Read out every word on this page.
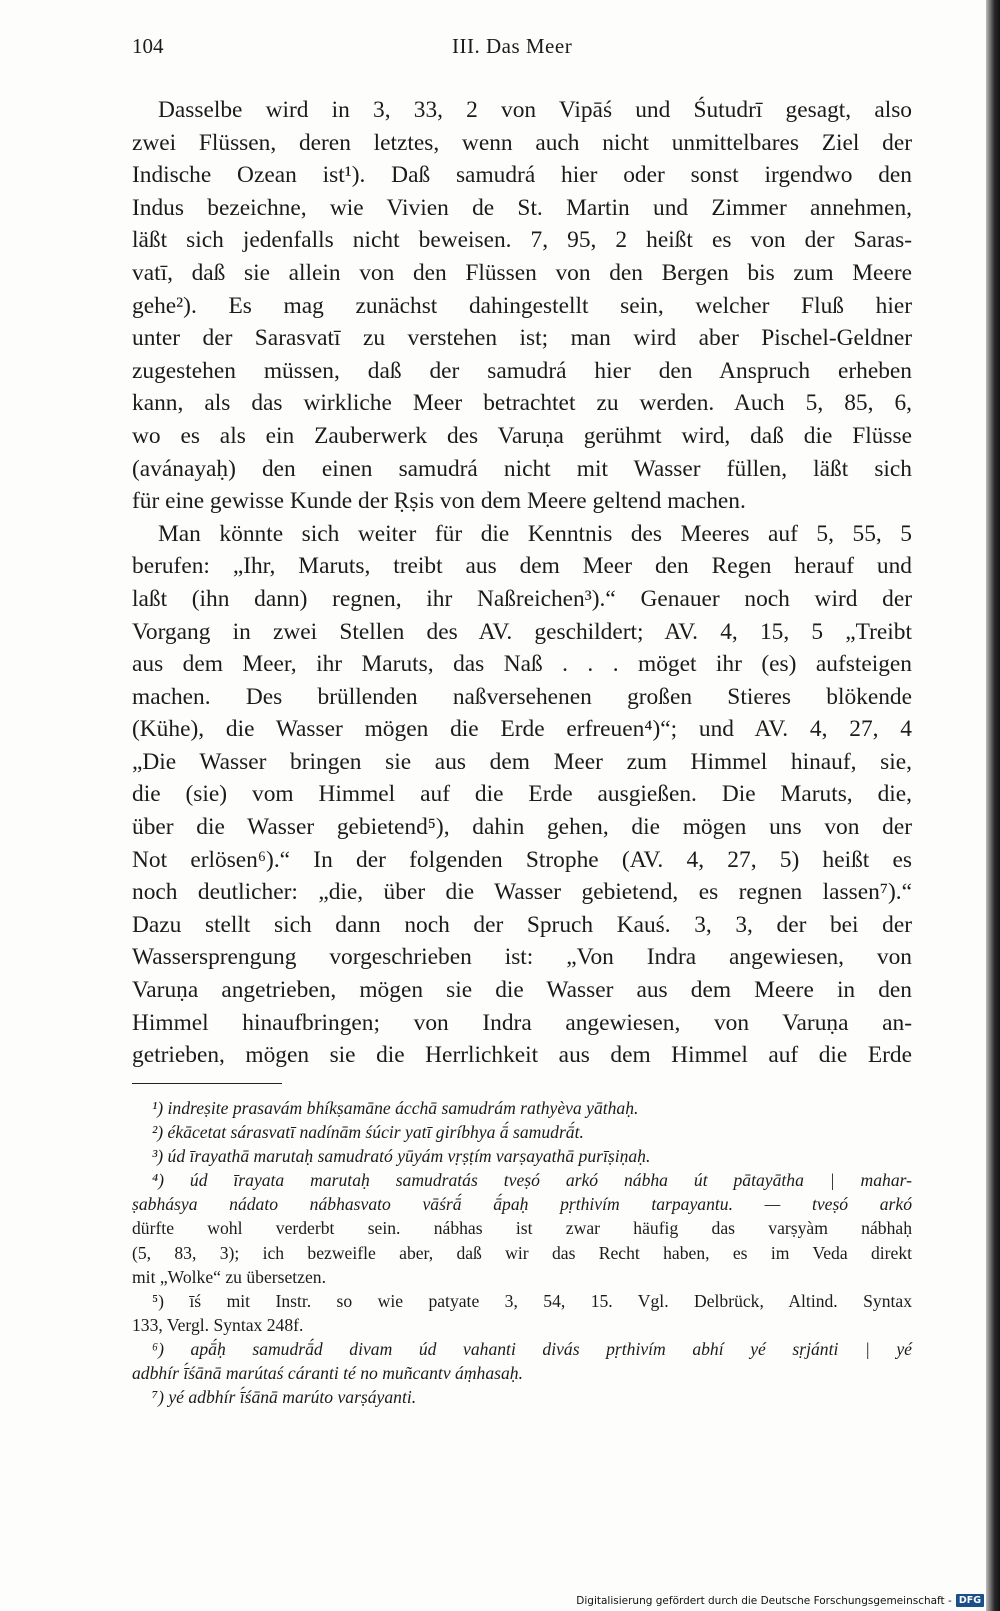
104	III. Das Meer
Dasselbe wird in 3, 33, 2 von Vipāś und Śutudrī gesagt, also
zwei Flüssen, deren letztes, wenn auch nicht unmittelbares Ziel der
Indische Ozean ist¹). Daß samudrá hier oder sonst irgendwo den
Indus bezeichne, wie Vivien de St. Martin und Zimmer annehmen,
läßt sich jedenfalls nicht beweisen. 7, 95, 2 heißt es von der Saras-
vatī, daß sie allein von den Flüssen von den Bergen bis zum Meere
gehe²). Es mag zunächst dahingestellt sein, welcher Fluß hier
unter der Sarasvatī zu verstehen ist; man wird aber Pischel-Geldner
zugestehen müssen, daß der samudrá hier den Anspruch erheben
kann, als das wirkliche Meer betrachtet zu werden. Auch 5, 85, 6,
wo es als ein Zauberwerk des Varuṇa gerühmt wird, daß die Flüsse
(avánayaḥ) den einen samudrá nicht mit Wasser füllen, läßt sich
für eine gewisse Kunde der Ṛṣis von dem Meere geltend machen.
Man könnte sich weiter für die Kenntnis des Meeres auf 5, 55, 5
berufen: „Ihr, Maruts, treibt aus dem Meer den Regen herauf und
laßt (ihn dann) regnen, ihr Naßreichen³).“ Genauer noch wird der
Vorgang in zwei Stellen des AV. geschildert; AV. 4, 15, 5 „Treibt
aus dem Meer, ihr Maruts, das Naß . . . möget ihr (es) aufsteigen
machen. Des brüllenden naßversehenen großen Stieres blökende
(Kühe), die Wasser mögen die Erde erfreuen⁴)“; und AV. 4, 27, 4
„Die Wasser bringen sie aus dem Meer zum Himmel hinauf, sie,
die (sie) vom Himmel auf die Erde ausgießen. Die Maruts, die,
über die Wasser gebietend⁵), dahin gehen, die mögen uns von der
Not erlösen⁶).“ In der folgenden Strophe (AV. 4, 27, 5) heißt es
noch deutlicher: „die, über die Wasser gebietend, es regnen lassen⁷).“
Dazu stellt sich dann noch der Spruch Kauś. 3, 3, der bei der
Wassersprengung vorgeschrieben ist: „Von Indra angewiesen, von
Varuṇa angetrieben, mögen sie die Wasser aus dem Meere in den
Himmel hinaufbringen; von Indra angewiesen, von Varuṇa an-
getrieben, mögen sie die Herrlichkeit aus dem Himmel auf die Erde
¹) indreṣite prasavám bhíkṣamāne ácchā samudrám rathyèva yāthaḥ.
²) ékācetat sárasvatī nadínām śúcir yatī giríbhya ā́ samudrā́t.
³) úd īrayathā marutaḥ samudrató yūyám vṛṣṭím varṣayathā purīṣiṇaḥ.
⁴) úd īrayata marutaḥ samudratás tveṣó arkó nábha út pātayātha | mahar-
ṣabhásya nádato nábhasvato vāśrā́ ā́paḥ pṛthivím tarpayantu. — tveṣó arkó
dürfte wohl verderbt sein. nábhas ist zwar häufig das varṣyàm nábhaḥ
(5, 83, 3); ich bezweifle aber, daß wir das Recht haben, es im Veda direkt
mit „Wolke“ zu übersetzen.
⁵) īś mit Instr. so wie patyate 3, 54, 15. Vgl. Delbrück, Altind. Syntax
133, Vergl. Syntax 248f.
⁶) apā́ḥ samudrā́d divam úd vahanti divás pṛthivím abhí yé sṛjánti | yé
adbhír ī́śānā marútaś cáranti té no muñcantv áṃhasaḥ.
⁷) yé adbhír ī́śānā marúto varṣáyanti.
Digitalisierung gefördert durch die Deutsche Forschungsgemeinschaft - DFG
